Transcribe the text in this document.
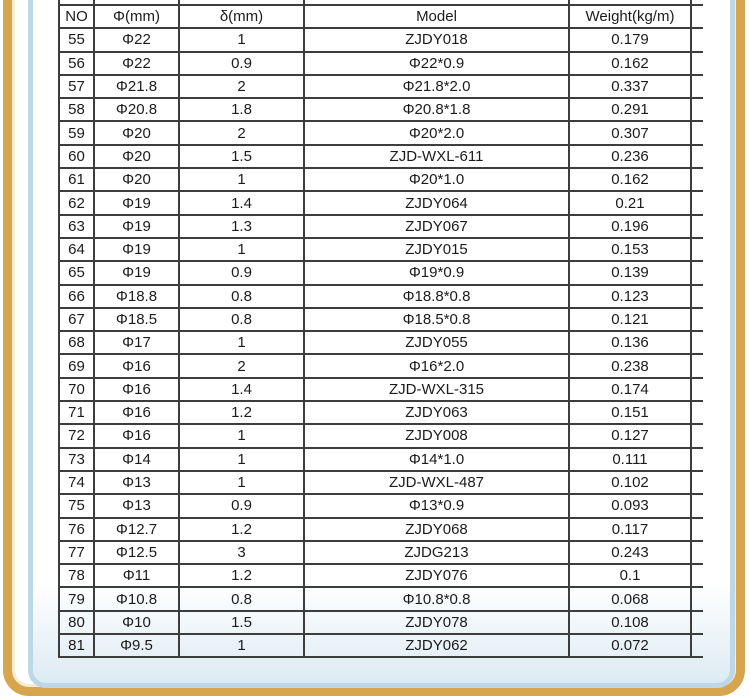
NO	Φ(mm)	δ(mm)	Model	Weight(kg/m)	
55	Φ22	1	ZJDY018	0.179	
56	Φ22	0.9	Φ22*0.9	0.162	
57	Φ21.8	2	Φ21.8*2.0	0.337	
58	Φ20.8	1.8	Φ20.8*1.8	0.291	
59	Φ20	2	Φ20*2.0	0.307	
60	Φ20	1.5	ZJD-WXL-611	0.236	
61	Φ20	1	Φ20*1.0	0.162	
62	Φ19	1.4	ZJDY064	0.21	
63	Φ19	1.3	ZJDY067	0.196	
64	Φ19	1	ZJDY015	0.153	
65	Φ19	0.9	Φ19*0.9	0.139	
66	Φ18.8	0.8	Φ18.8*0.8	0.123	
67	Φ18.5	0.8	Φ18.5*0.8	0.121	
68	Φ17	1	ZJDY055	0.136	
69	Φ16	2	Φ16*2.0	0.238	
70	Φ16	1.4	ZJD-WXL-315	0.174	
71	Φ16	1.2	ZJDY063	0.151	
72	Φ16	1	ZJDY008	0.127	
73	Φ14	1	Φ14*1.0	0.111	
74	Φ13	1	ZJD-WXL-487	0.102	
75	Φ13	0.9	Φ13*0.9	0.093	
76	Φ12.7	1.2	ZJDY068	0.117	
77	Φ12.5	3	ZJDG213	0.243	
78	Φ11	1.2	ZJDY076	0.1	
79	Φ10.8	0.8	Φ10.8*0.8	0.068	
80	Φ10	1.5	ZJDY078	0.108	
81	Φ9.5	1	ZJDY062	0.072	
